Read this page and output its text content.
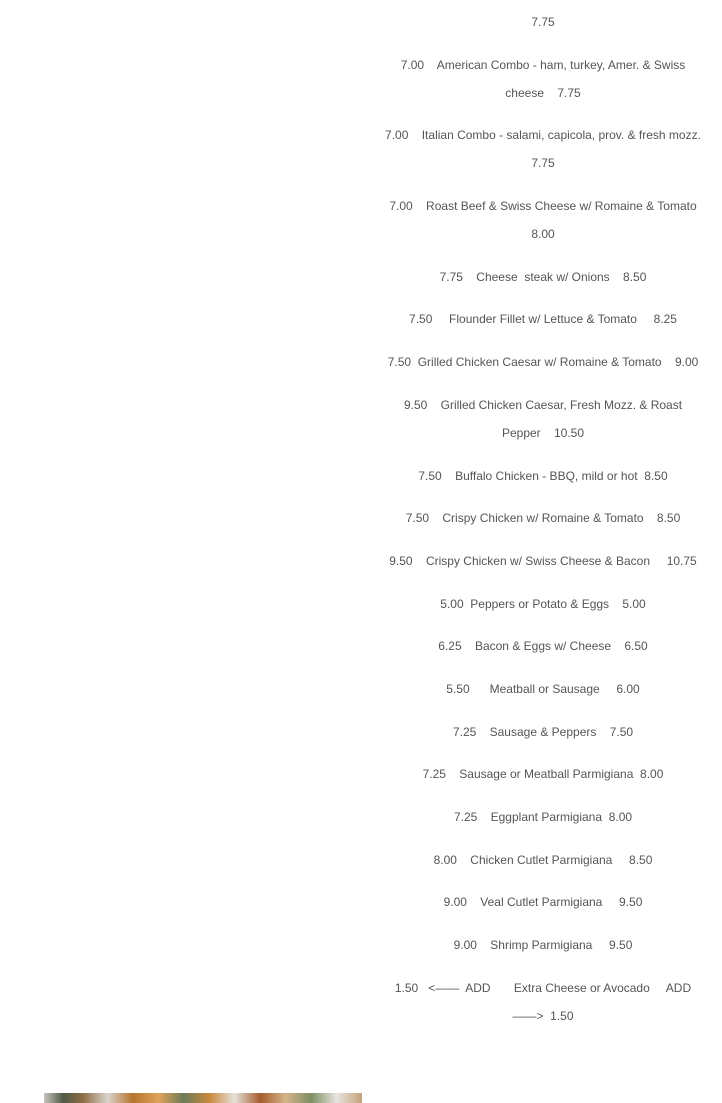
7.75

7.00    American Combo - ham, turkey, Amer. & Swiss cheese    7.75

7.00    Italian Combo - salami, capicola, prov. & fresh mozz.    7.75

7.00    Roast Beef & Swiss Cheese w/ Romaine & Tomato    8.00

7.75    Cheese  steak w/ Onions    8.50

7.50     Flounder Fillet w/ Lettuce & Tomato     8.25

7.50  Grilled Chicken Caesar w/ Romaine & Tomato    9.00

9.50    Grilled Chicken Caesar, Fresh Mozz. & Roast Pepper    10.50

7.50    Buffalo Chicken - BBQ, mild or hot  8.50

7.50    Crispy Chicken w/ Romaine & Tomato    8.50

9.50    Crispy Chicken w/ Swiss Cheese & Bacon     10.75

5.00  Peppers or Potato & Eggs    5.00

6.25    Bacon & Eggs w/ Cheese    6.50

5.50      Meatball or Sausage     6.00

7.25    Sausage & Peppers    7.50

7.25    Sausage or Meatball Parmigiana  8.00

7.25    Eggplant Parmigiana  8.00

8.00    Chicken Cutlet Parmigiana     8.50

9.00    Veal Cutlet Parmigiana     9.50

9.00    Shrimp Parmigiana     9.50

1.50   <——  ADD       Extra Cheese or Avocado     ADD ——>  1.50
